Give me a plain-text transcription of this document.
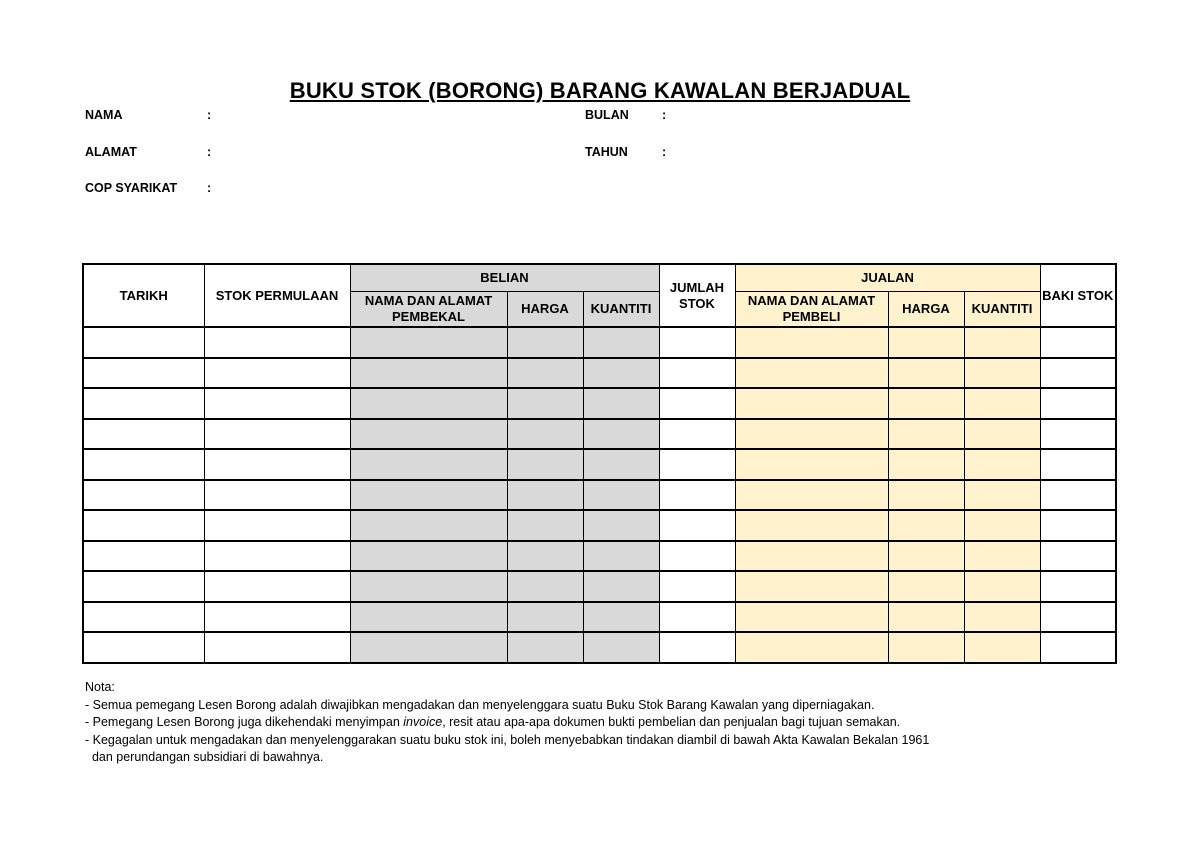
BUKU STOK (BORONG) BARANG KAWALAN BERJADUAL
NAMA	:
ALAMAT	:
COP SYARIKAT :
BULAN	:
TAHUN	:
TARIKH	STOK PERMULAAN	BELIAN			JUMLAH STOK	JUALAN			BAKI STOK
		NAMA DAN ALAMAT PEMBEKAL	HARGA	KUANTITI		NAMA DAN ALAMAT PEMBELI	HARGA	KUANTITI	

Nota:
- Semua pemegang Lesen Borong adalah diwajibkan mengadakan dan menyelenggara suatu Buku Stok Barang Kawalan yang diperniagakan.
- Pemegang Lesen Borong juga dikehendaki menyimpan invoice, resit atau apa-apa dokumen bukti pembelian dan penjualan bagi tujuan semakan.
- Kegagalan untuk mengadakan dan menyelenggarakan suatu buku stok ini, boleh menyebabkan tindakan diambil di bawah Akta Kawalan Bekalan 1961
dan perundangan subsidiari di bawahnya.
